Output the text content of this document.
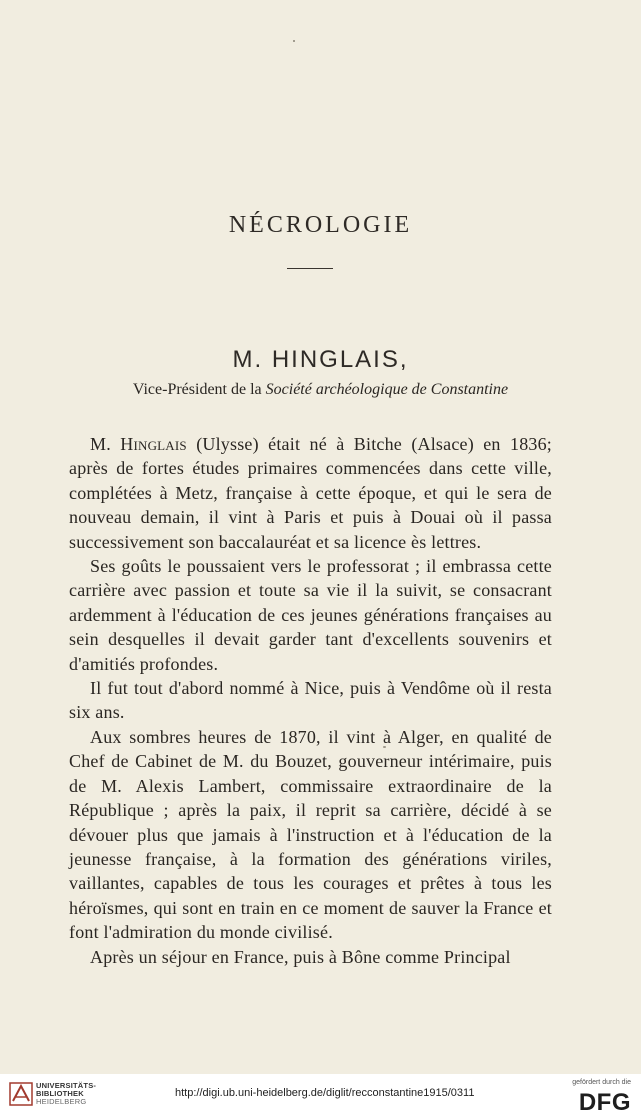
NÉCROLOGIE
M. HINGLAIS,
Vice-Président de la Société archéologique de Constantine

M. Hinglais (Ulysse) était né à Bitche (Alsace) en 1836; après de fortes études primaires commencées dans cette ville, complétées à Metz, française à cette époque, et qui le sera de nouveau demain, il vint à Paris et puis à Douai où il passa successivement son baccalauréat et sa licence ès lettres.

Ses goûts le poussaient vers le professorat ; il embrassa cette carrière avec passion et toute sa vie il la suivit, se consacrant ardemment à l'éducation de ces jeunes générations françaises au sein desquelles il devait garder tant d'excellents souvenirs et d'amitiés profondes.

Il fut tout d'abord nommé à Nice, puis à Vendôme où il resta six ans.

Aux sombres heures de 1870, il vint à Alger, en qualité de Chef de Cabinet de M. du Bouzet, gouverneur intérimaire, puis de M. Alexis Lambert, commissaire extraordinaire de la République ; après la paix, il reprit sa carrière, décidé à se dévouer plus que jamais à l'instruction et à l'éducation de la jeunesse française, à la formation des générations viriles, vaillantes, capables de tous les courages et prêtes à tous les héroïsmes, qui sont en train en ce moment de sauver la France et font l'admiration du monde civilisé.

Après un séjour en France, puis à Bône comme Principal

UNIVERSITÄTS-
BIBLIOTHEK
HEIDELBERG
http://digi.ub.uni-heidelberg.de/diglit/recconstantine1915/0311
gefördert durch die
DFG
